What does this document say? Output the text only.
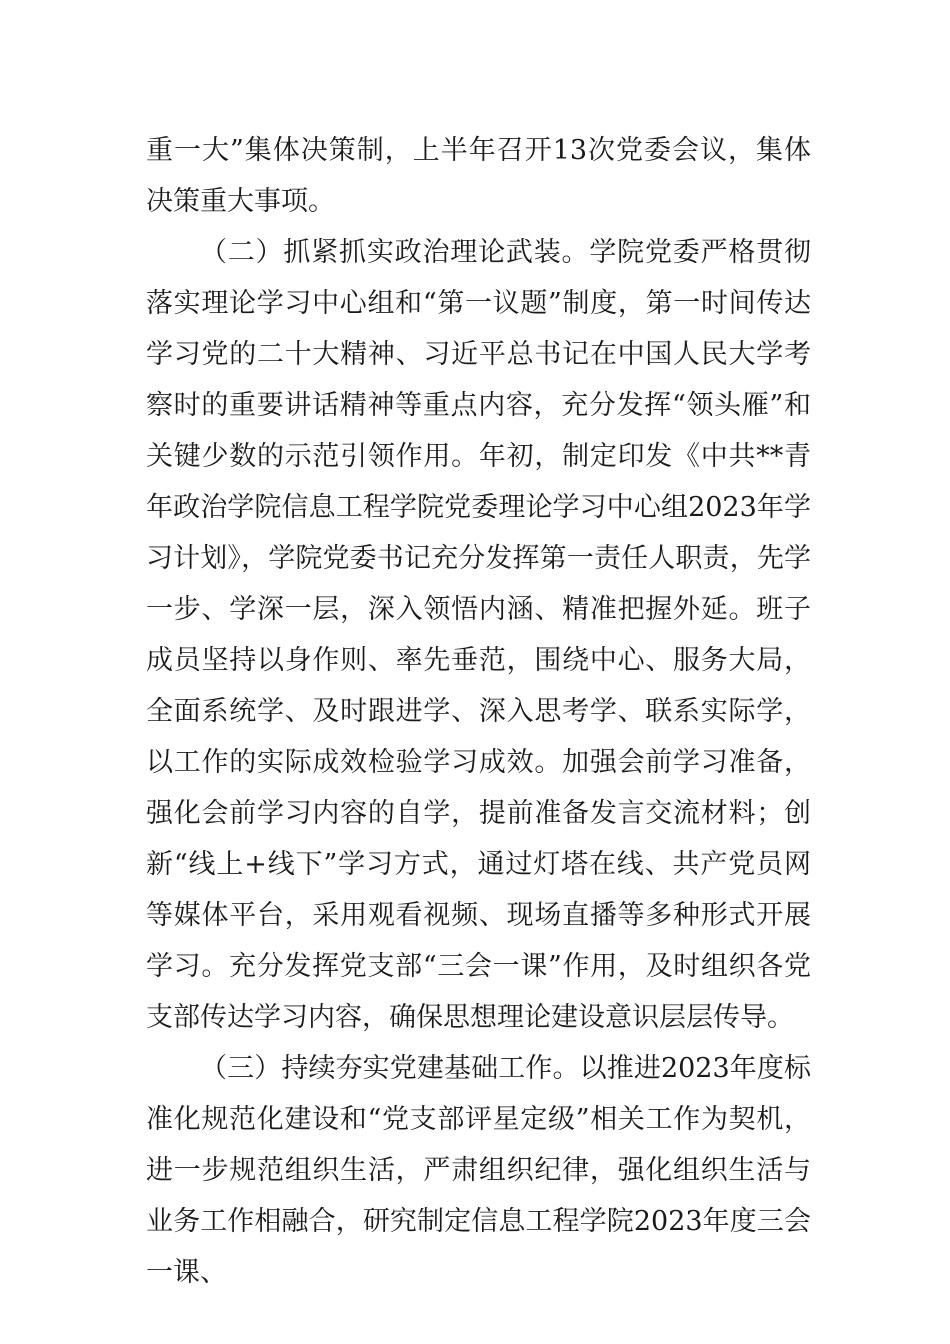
重一大”集体决策制，上半年召开13次党委会议，集体决策重大事项。

（二）抓紧抓实政治理论武装。学院党委严格贯彻落实理论学习中心组和“第一议题”制度，第一时间传达学习党的二十大精神、习近平总书记在中国人民大学考察时的重要讲话精神等重点内容，充分发挥“领头雁”和关键少数的示范引领作用。年初，制定印发《中共**青年政治学院信息工程学院党委理论学习中心组2023年学习计划》，学院党委书记充分发挥第一责任人职责，先学一步、学深一层，深入领悟内涵、精准把握外延。班子成员坚持以身作则、率先垂范，围绕中心、服务大局，全面系统学、及时跟进学、深入思考学、联系实际学，以工作的实际成效检验学习成效。加强会前学习准备，强化会前学习内容的自学，提前准备发言交流材料；创新“线上+线下”学习方式，通过灯塔在线、共产党员网等媒体平台，采用观看视频、现场直播等多种形式开展学习。充分发挥党支部“三会一课”作用，及时组织各党支部传达学习内容，确保思想理论建设意识层层传导。

（三）持续夯实党建基础工作。以推进2023年度标准化规范化建设和“党支部评星定级”相关工作为契机，进一步规范组织生活，严肃组织纪律，强化组织生活与业务工作相融合，研究制定信息工程学院2023年度三会一课、
